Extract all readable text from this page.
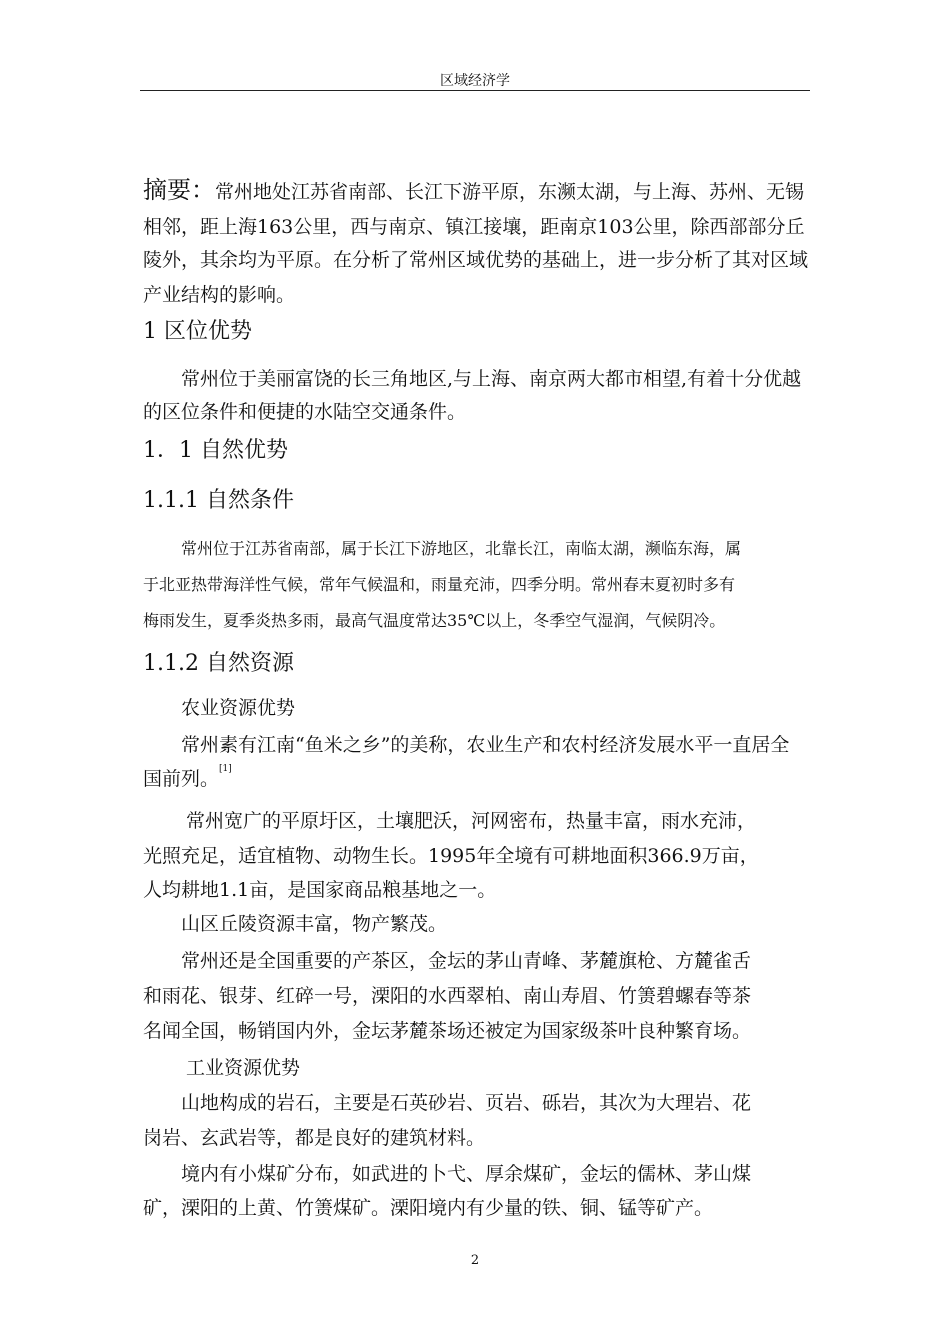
区域经济学
摘要：常州地处江苏省南部、长江下游平原，东濒太湖，与上海、苏州、无锡
相邻，距上海163公里，西与南京、镇江接壤，距南京103公里，除西部部分丘
陵外，其余均为平原。在分析了常州区域优势的基础上，进一步分析了其对区域
产业结构的影响。
1 区位优势
常州位于美丽富饶的长三角地区,与上海、南京两大都市相望,有着十分优越
的区位条件和便捷的水陆空交通条件。
1．1 自然优势
1.1.1 自然条件
常州位于江苏省南部，属于长江下游地区，北靠长江，南临太湖，濒临东海，属
于北亚热带海洋性气候，常年气候温和，雨量充沛，四季分明。常州春末夏初时多有
梅雨发生，夏季炎热多雨，最高气温度常达35℃以上，冬季空气湿润，气候阴冷。
1.1.2 自然资源
农业资源优势
常州素有江南“鱼米之乡”的美称，农业生产和农村经济发展水平一直居全
国前列。[1]
常州宽广的平原圩区，土壤肥沃，河网密布，热量丰富，雨水充沛，
光照充足，适宜植物、动物生长。1995年全境有可耕地面积366.9万亩，
人均耕地1.1亩，是国家商品粮基地之一。
山区丘陵资源丰富，物产繁茂。
常州还是全国重要的产茶区，金坛的茅山青峰、茅麓旗枪、方麓雀舌
和雨花、银芽、红碎一号，溧阳的水西翠柏、南山寿眉、竹箦碧螺春等茶
名闻全国，畅销国内外，金坛茅麓茶场还被定为国家级茶叶良种繁育场。
工业资源优势
山地构成的岩石，主要是石英砂岩、页岩、砾岩，其次为大理岩、花
岗岩、玄武岩等，都是良好的建筑材料。
境内有小煤矿分布，如武进的卜弋、厚余煤矿，金坛的儒林、茅山煤
矿，溧阳的上黄、竹箦煤矿。溧阳境内有少量的铁、铜、锰等矿产。
2
